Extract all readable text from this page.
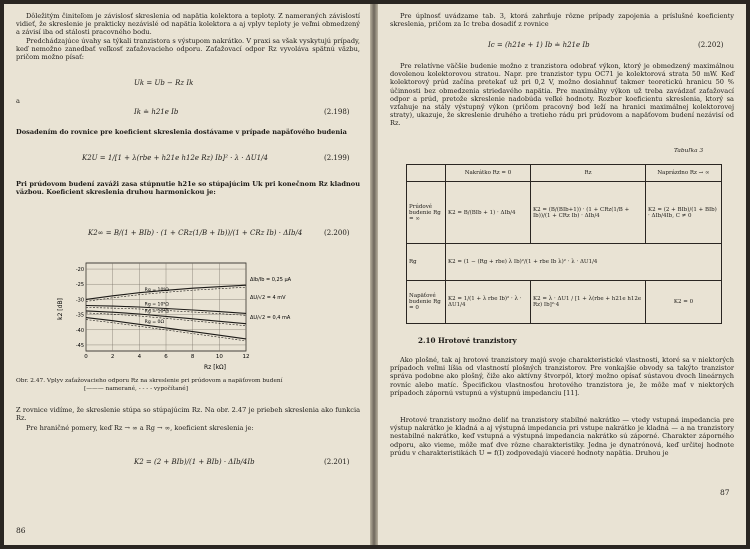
Dôležitým činiteľom je závislosť skreslenia od napätia kolektora a teploty. Z nameraných závislostí vidieť, že skreslenie je prakticky nezávislé od napätia kolektora a aj vplyv teploty je veľmi obmedzený a závisí iba od stálosti pracovného bodu.
Predchádzajúce úvahy sa týkali tranzistora s výstupom nakrátko. V praxi sa však vyskytujú prípady, keď nemožno zanedbať veľkosť zaťažovacieho odporu. Zaťažovací odpor Rz vyvoláva spätnú väzbu, pričom možno písať:
Uk = Ub − Rz Ik
a
Ik ≐ h21e Ib	(2.198)
Dosadením do rovnice pre koeficient skreslenia dostávame v prípade napäťového budenia
K2U = 1/[1 + λ(rbe + h21e h12e Rz) Ib]² · λ · ΔU1/4	(2.199)
Pri prúdovom budení zaváži zasa stúpnutie h21e so stúpajúcim Uk pri konečnom Rz kladnou väzbou. Koeficient skreslenia druhou harmonickou je:
K2∞ = B/(1 + BIb) · (1 + CRz(1/B + Ib))/(1 + CRz Ib) · ΔIb/4	(2.200)
Rg = 10⁶Ω
Rg = 10⁵Ω
Rg = 10⁴Ω
Rg = 0Ω
0	2	4	6	8	10	12
-20
-25
-30
-35
-40
-45
k2 [dB]
Rz [kΩ]
ΔIb/Ib = 0,25 μA
ΔU/√2 = 4 mV
ΔU/√2 = 0,4 mA
Obr. 2.47. Vplyv zaťažovacieho odporu Rz na skreslenie pri prúdovom a napäťovom budení
[——— namerané, - - - - vypočítané]
Z rovnice vidíme, že skreslenie stúpa so stúpajúcim Rz. Na obr. 2.47 je priebeh skreslenia ako funkcia Rz.
Pre hraničné pomery, keď Rz → ∞ a Rg → ∞, koeficient skreslenia je:
K2 = (2 + BIb)/(1 + BIb) · ΔIb/4Ib	(2.201)
86
Pre úplnosť uvádzame tab. 3, ktorá zahrňuje rôzne prípady zapojenia a príslušné koeficienty skreslenia, pričom za Ic treba dosadiť z rovnice
Ic = (h21e + 1) Ib ≐ h21e Ib	(2.202)
Pre relatívne väčšie budenie možno z tranzistora odobrať výkon, ktorý je obmedzený maximálnou dovolenou kolektorovou stratou. Napr. pre tranzistor typu OC71 je kolektorová strata 50 mW. Keď kolektorový prúd začína pretekať už pri 0,2 V, možno dosiahnuť takmer teoretickú hranicu 50 % účinnosti bez obmedzenia striedavého napätia. Pre maximálny výkon už treba zavádzať zaťažovací odpor a prúd, pretože skreslenie nadobúda veľké hodnoty. Rozbor koeficientu skreslenia, ktorý sa vzťahuje na stály výstupný výkon (pričom pracovný bod leží na hranici maximálnej kolektorovej straty), ukazuje, že skreslenie druhého a tretieho rádu pri prúdovom a napäťovom budení nezávisí od Rz.
Tabuľka 3
	Nakrátko Rz = 0	Rz	Naprázdno Rz → ∞
Prúdové budenie Rg = ∞	K2 = B/(BIb + 1) · ΔIb/4	K2 = (B/(BIb+1)) · (1 + CRz(1/B + Ib))/(1 + CRz Ib) · ΔIb/4	K2 = (2 + BIb)/(1 + BIb) · ΔIb/4Ib, C ≠ 0
Rg	K2 = (1 − (Rg + rbe) λ Ib)²/(1 + rbe Ib λ)² · λ · ΔU1/4		
Napäťové budenie Rg = 0	K2 = 1/(1 + λ rbe Ib)² · λ · ΔU1/4	K2 = λ · ΔU1 / [1 + λ(rbe + h21e h12e Rz) Ib]²·4	K2 = 0
2.10 Hrotové tranzistory
Ako plošné, tak aj hrotové tranzistory majú svoje charakteristické vlastnosti, ktoré sa v niektorých prípadoch veľmi líšia od vlastností plošných tranzistorov. Pre vonkajšie obvody sa takýto tranzistor správa podobne ako plošný, čiže ako aktívny štvorpól, ktorý možno opísať sústavou dvoch lineárnych rovníc alebo matíc. Špecifickou vlastnosťou hrotového tranzistora je, že môže mať v niektorých prípadoch zápornú vstupnú a výstupnú impedanciu [11].
Hrotové tranzistory možno deliť na tranzistory stabilné nakrátko — vtedy vstupná impedancia pre výstup nakrátko je kladná a aj výstupná impedancia pri vstupe nakrátko je kladná — a na tranzistory nestabilné nakrátko, keď vstupná a výstupná impedancia nakrátko sú záporné. Charakter záporného odporu, ako vieme, môže mať dve rôzne charakteristiky. Jedna je dynatrónová, keď určitej hodnote prúdu v charakteristikách U = f(I) zodpovedajú viaceré hodnoty napätia. Druhou je
87
